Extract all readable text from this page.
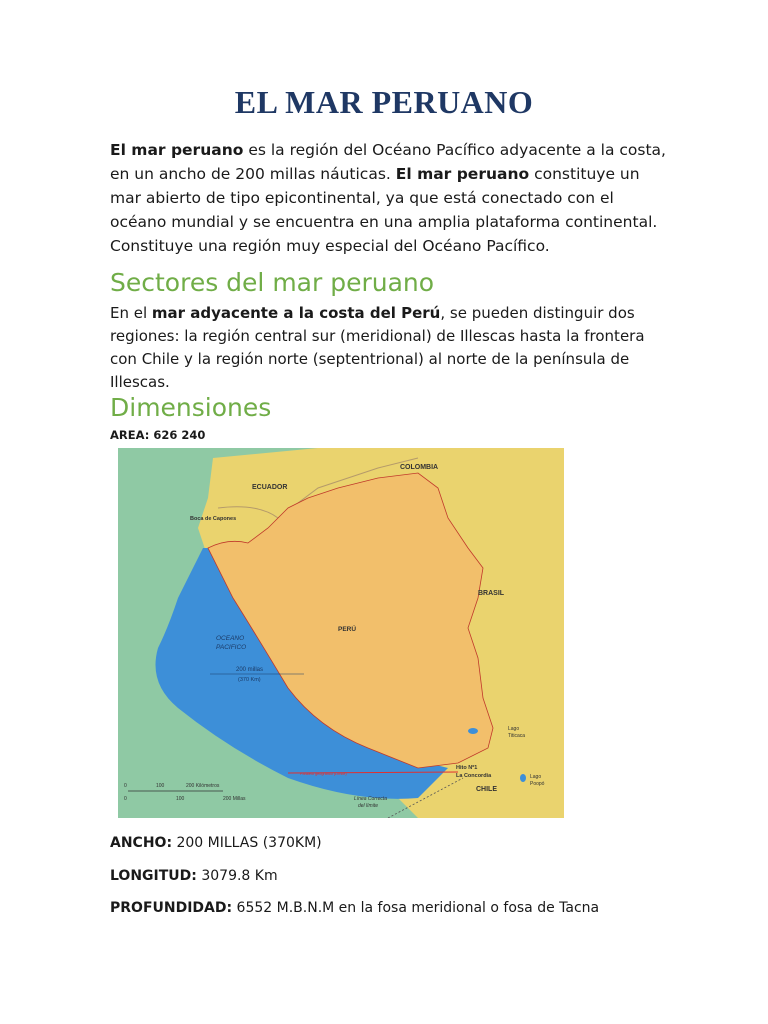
EL MAR PERUANO

El mar peruano es la región del Océano Pacífico adyacente a la costa, en un ancho de 200 millas náuticas. El mar peruano constituye un mar abierto de tipo epicontinental, ya que está conectado con el océano mundial y se encuentra en una amplia plataforma continental. Constituye una región muy especial del Océano Pacífico.

Sectores del mar peruano

En el mar adyacente a la costa del Perú, se pueden distinguir dos regiones: la región central sur (meridional) de Illescas hasta la frontera con Chile y la región norte (septentrional) al norte de la península de Illescas.

Dimensiones

AREA: 626 240

COLOMBIA
ECUADOR
Boca de Capones
BRASIL
PERÚ
OCEANO
PACIFICO
200 millas
(370 Km)
Lago
Titicaca
Hito Nº1
La Concordia
CHILE
Lago
Poopó
Línea Correcta
del límite
Paralelo geográfico (Límite)
0	100	200 Kilómetros
0	100	200 Millas

ANCHO: 200 MILLAS (370KM)

LONGITUD: 3079.8 Km

PROFUNDIDAD: 6552 M.B.N.M en la fosa meridional o fosa de Tacna
